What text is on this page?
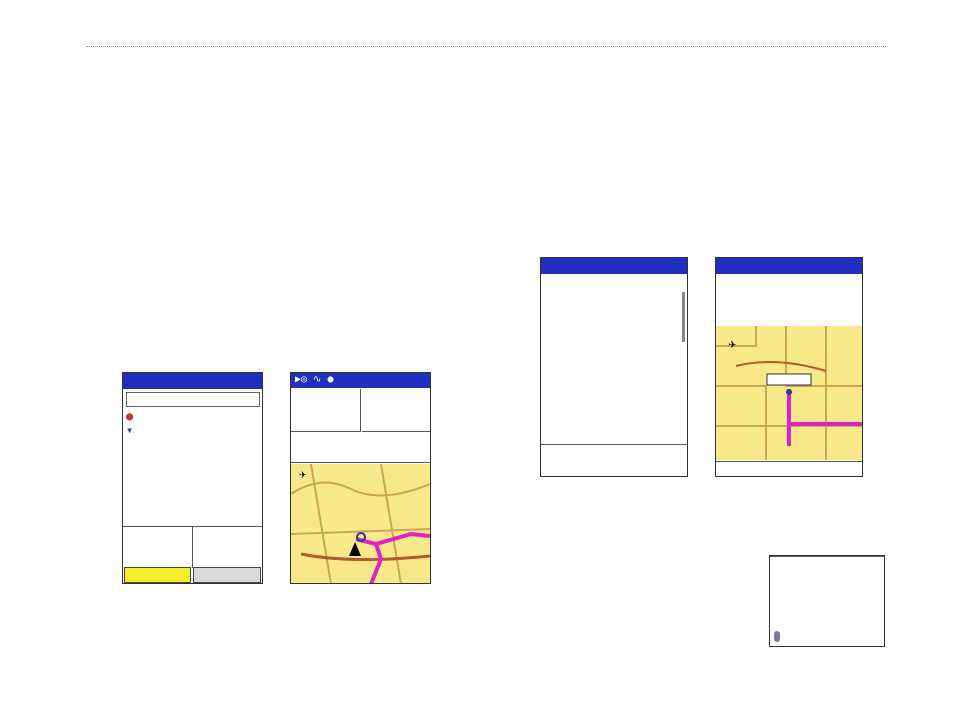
●
▾

▶◎ ∿ ●

✈

✈
